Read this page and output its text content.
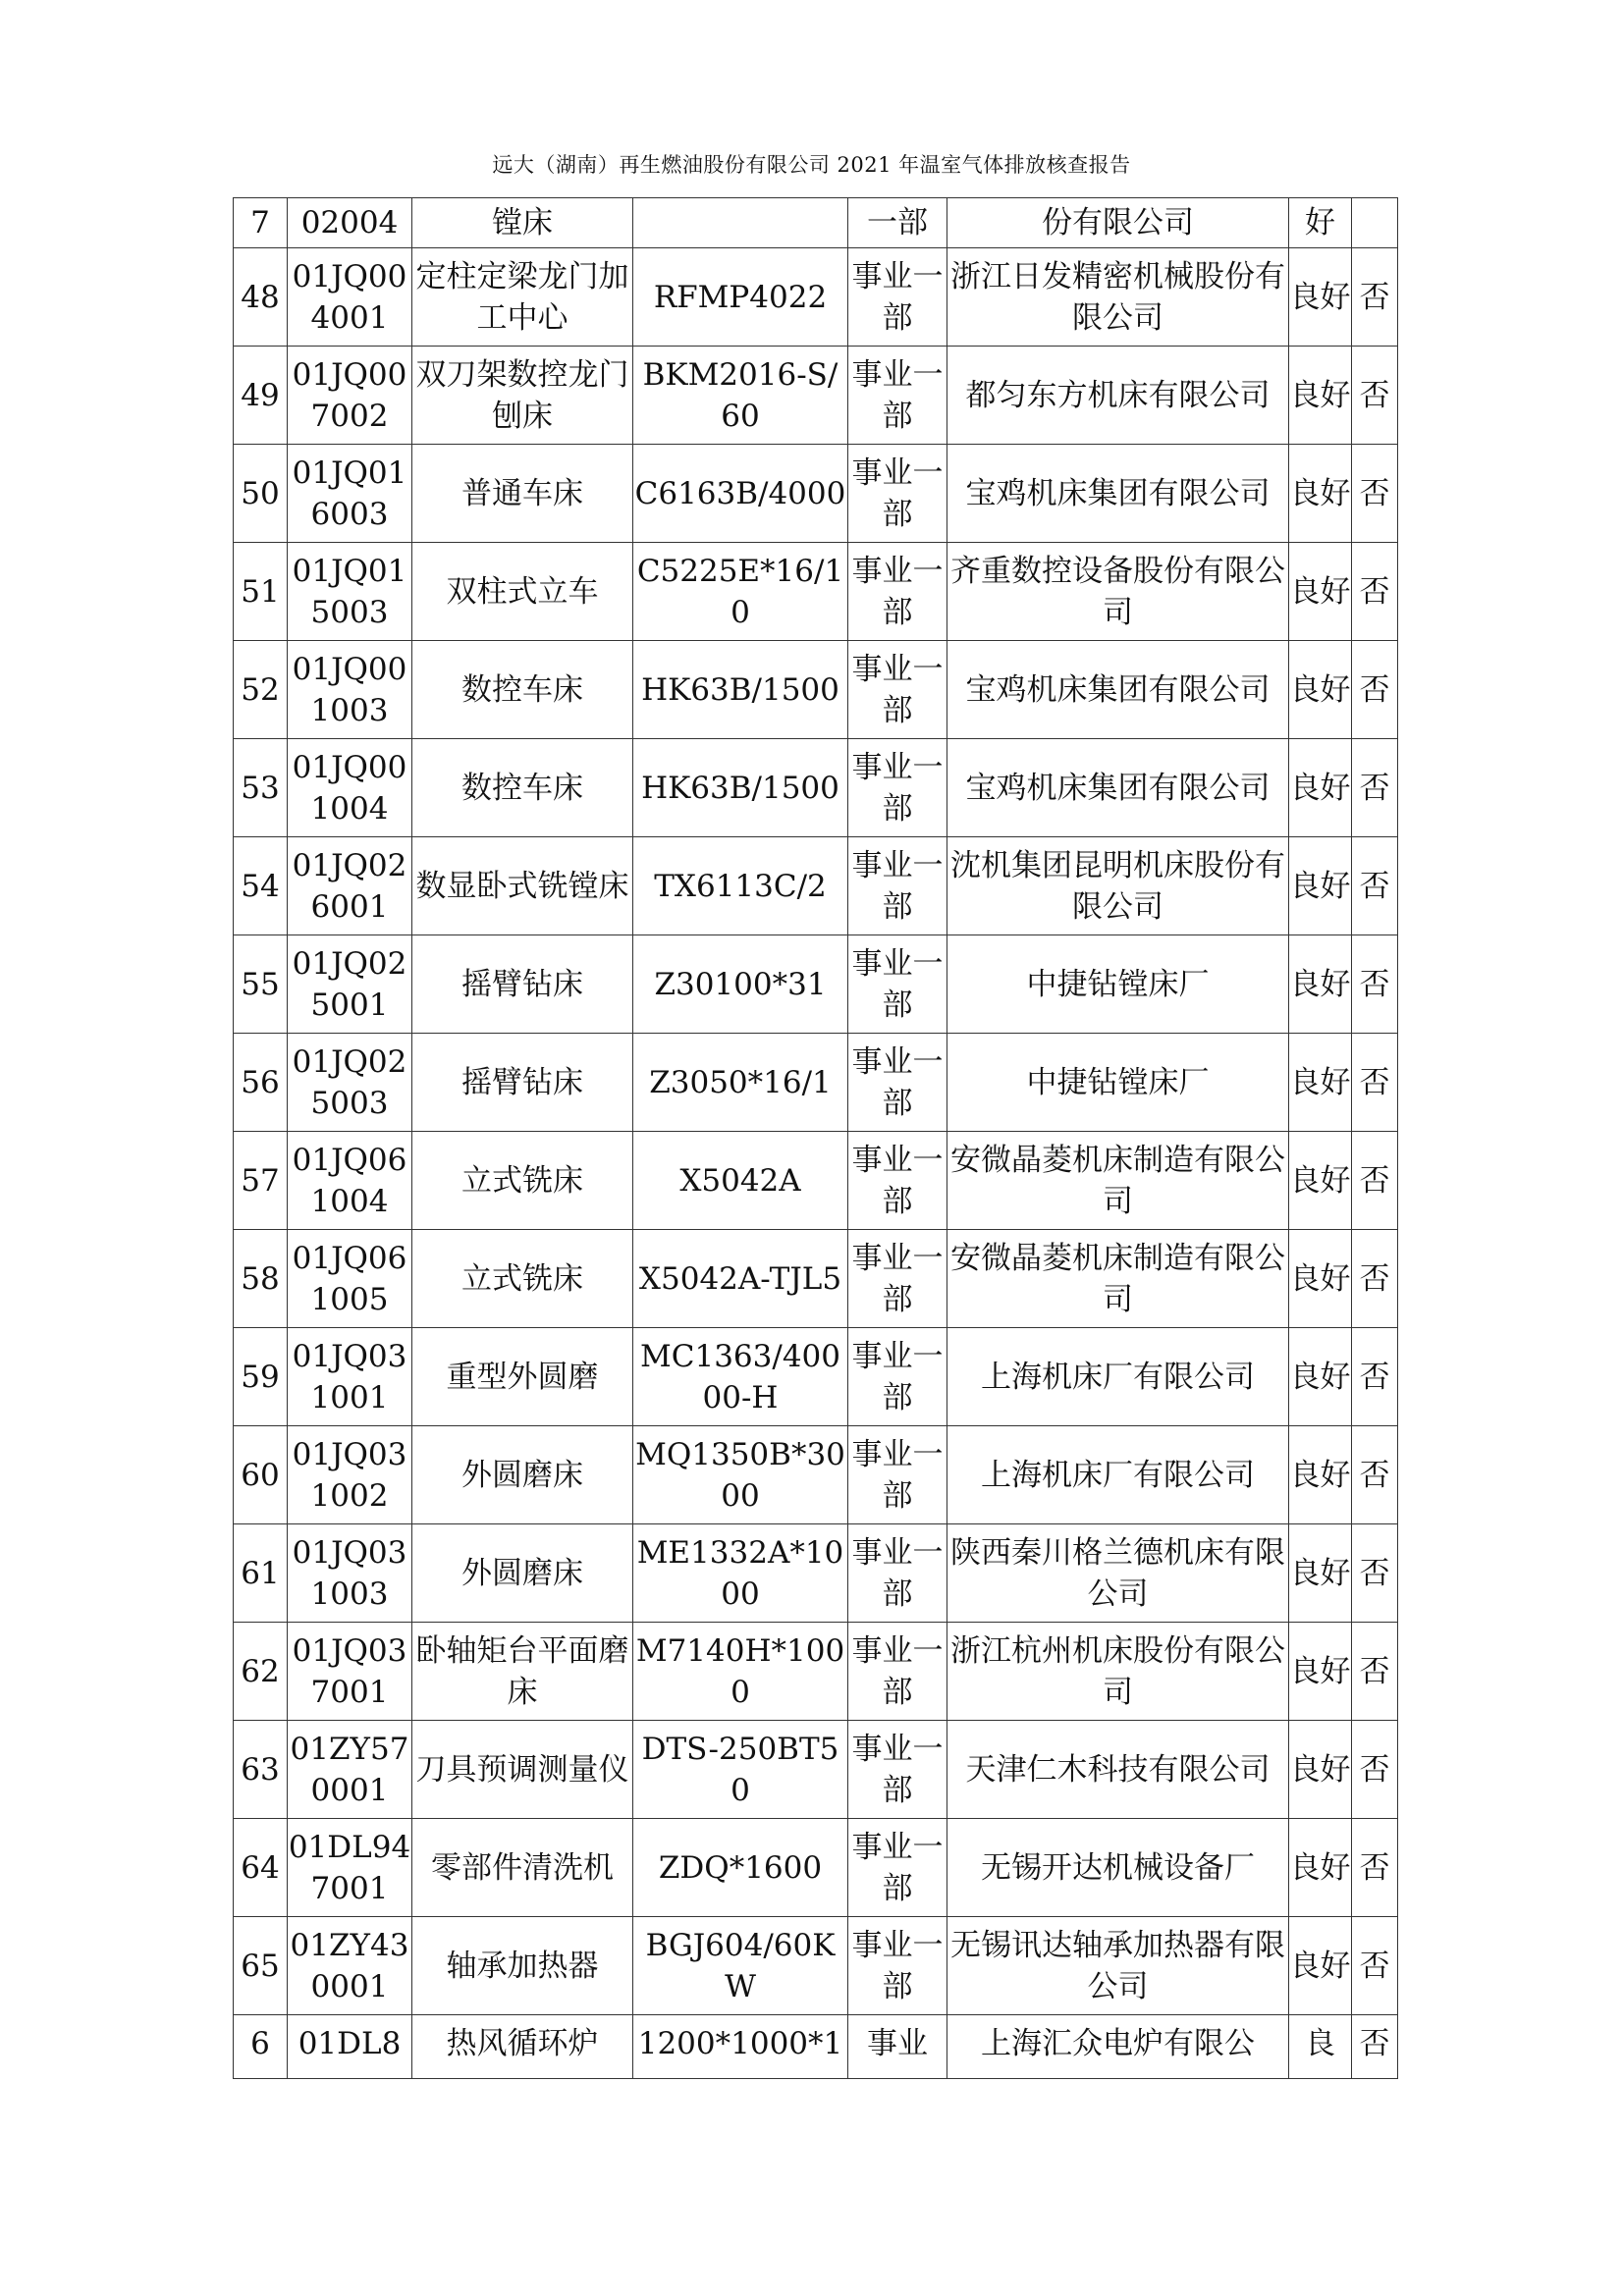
远大（湖南）再生燃油股份有限公司 2021 年温室气体排放核查报告
7	02004	镗床		一部	份有限公司	好	
48	01JQ004001	定柱定梁龙门加工中心	RFMP4022	事业一部	浙江日发精密机械股份有限公司	良好	否
49	01JQ007002	双刀架数控龙门刨床	BKM2016-S/60	事业一部	都匀东方机床有限公司	良好	否
50	01JQ016003	普通车床	C6163B/4000	事业一部	宝鸡机床集团有限公司	良好	否
51	01JQ015003	双柱式立车	C5225E*16/10	事业一部	齐重数控设备股份有限公司	良好	否
52	01JQ001003	数控车床	HK63B/1500	事业一部	宝鸡机床集团有限公司	良好	否
53	01JQ001004	数控车床	HK63B/1500	事业一部	宝鸡机床集团有限公司	良好	否
54	01JQ026001	数显卧式铣镗床	TX6113C/2	事业一部	沈机集团昆明机床股份有限公司	良好	否
55	01JQ025001	摇臂钻床	Z30100*31	事业一部	中捷钻镗床厂	良好	否
56	01JQ025003	摇臂钻床	Z3050*16/1	事业一部	中捷钻镗床厂	良好	否
57	01JQ061004	立式铣床	X5042A	事业一部	安微晶菱机床制造有限公司	良好	否
58	01JQ061005	立式铣床	X5042A-TJL5	事业一部	安微晶菱机床制造有限公司	良好	否
59	01JQ031001	重型外圆磨	MC1363/40000-H	事业一部	上海机床厂有限公司	良好	否
60	01JQ031002	外圆磨床	MQ1350B*3000	事业一部	上海机床厂有限公司	良好	否
61	01JQ031003	外圆磨床	ME1332A*1000	事业一部	陕西秦川格兰德机床有限公司	良好	否
62	01JQ037001	卧轴矩台平面磨床	M7140H*1000	事业一部	浙江杭州机床股份有限公司	良好	否
63	01ZY570001	刀具预调测量仪	DTS-250BT50	事业一部	天津仁木科技有限公司	良好	否
64	01DL947001	零部件清洗机	ZDQ*1600	事业一部	无锡开达机械设备厂	良好	否
65	01ZY430001	轴承加热器	BGJ604/60KW	事业一部	无锡讯达轴承加热器有限公司	良好	否
6	01DL8	热风循环炉	1200*1000*1	事业	上海汇众电炉有限公	良	否
